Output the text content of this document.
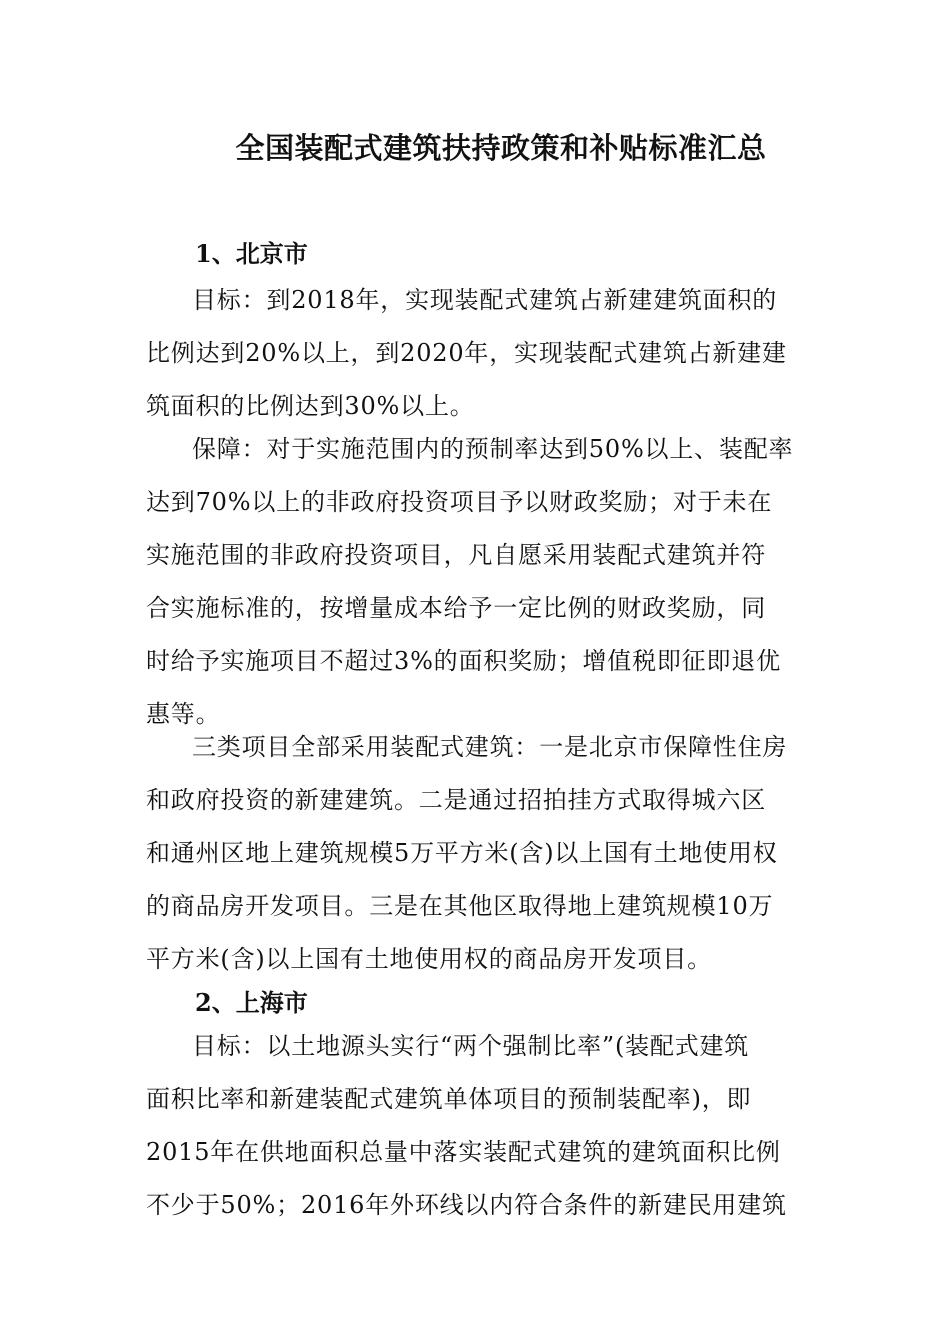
全国装配式建筑扶持政策和补贴标准汇总
1、北京市
目标：到2018年，实现装配式建筑占新建建筑面积的
比例达到20%以上，到2020年，实现装配式建筑占新建建
筑面积的比例达到30%以上。
保障：对于实施范围内的预制率达到50%以上、装配率
达到70%以上的非政府投资项目予以财政奖励；对于未在
实施范围的非政府投资项目，凡自愿采用装配式建筑并符
合实施标准的，按增量成本给予一定比例的财政奖励，同
时给予实施项目不超过3%的面积奖励；增值税即征即退优
惠等。
三类项目全部采用装配式建筑：一是北京市保障性住房
和政府投资的新建建筑。二是通过招拍挂方式取得城六区
和通州区地上建筑规模5万平方米(含)以上国有土地使用权
的商品房开发项目。三是在其他区取得地上建筑规模10万
平方米(含)以上国有土地使用权的商品房开发项目。
2、上海市
目标：以土地源头实行“两个强制比率”(装配式建筑
面积比率和新建装配式建筑单体项目的预制装配率)，即
2015年在供地面积总量中落实装配式建筑的建筑面积比例
不少于50%；2016年外环线以内符合条件的新建民用建筑
